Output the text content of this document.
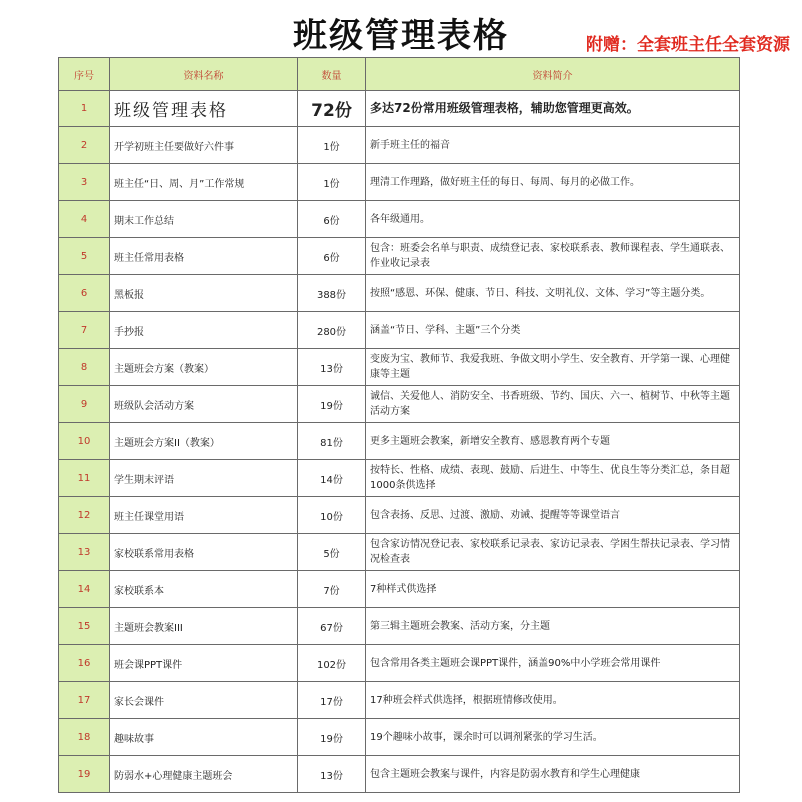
班级管理表格	附赠：全套班主任全套资源
序号	资料名称	数量	资料简介
1	班级管理表格	72份	多达72份常用班级管理表格，辅助您管理更高效。
2	开学初班主任要做好六件事	1份	新手班主任的福音
3	班主任“日、周、月”工作常规	1份	理清工作理路，做好班主任的每日、每周、每月的必做工作。
4	期末工作总结	6份	各年级通用。
5	班主任常用表格	6份	包含：班委会名单与职责、成绩登记表、家校联系表、教师课程表、学生通联表、作业收记录表
6	黑板报	388份	按照“感恩、环保、健康、节日、科技、文明礼仪、文体、学习”等主题分类。
7	手抄报	280份	涵盖“节日、学科、主题”三个分类
8	主题班会方案（教案）	13份	变废为宝、教师节、我爱我班、争做文明小学生、安全教育、开学第一课、心理健康等主题
9	班级队会活动方案	19份	诚信、关爱他人、消防安全、书香班级、节约、国庆、六一、植树节、中秋等主题活动方案
10	主题班会方案II（教案）	81份	更多主题班会教案，新增安全教育、感恩教育两个专题
11	学生期末评语	14份	按特长、性格、成绩、表现、鼓励、后进生、中等生、优良生等分类汇总，条目超1000条供选择
12	班主任课堂用语	10份	包含表扬、反思、过渡、激励、劝诫、提醒等等课堂语言
13	家校联系常用表格	5份	包含家访情况登记表、家校联系记录表、家访记录表、学困生帮扶记录表、学习情况检查表
14	家校联系本	7份	7种样式供选择
15	主题班会教案III	67份	第三辑主题班会教案、活动方案，分主题
16	班会课PPT课件	102份	包含常用各类主题班会课PPT课件，涵盖90%中小学班会常用课件
17	家长会课件	17份	17种班会样式供选择，根据班情修改使用。
18	趣味故事	19份	19个趣味小故事，课余时可以调剂紧张的学习生活。
19	防弱水+心理健康主题班会	13份	包含主题班会教案与课件，内容是防弱水教育和学生心理健康
